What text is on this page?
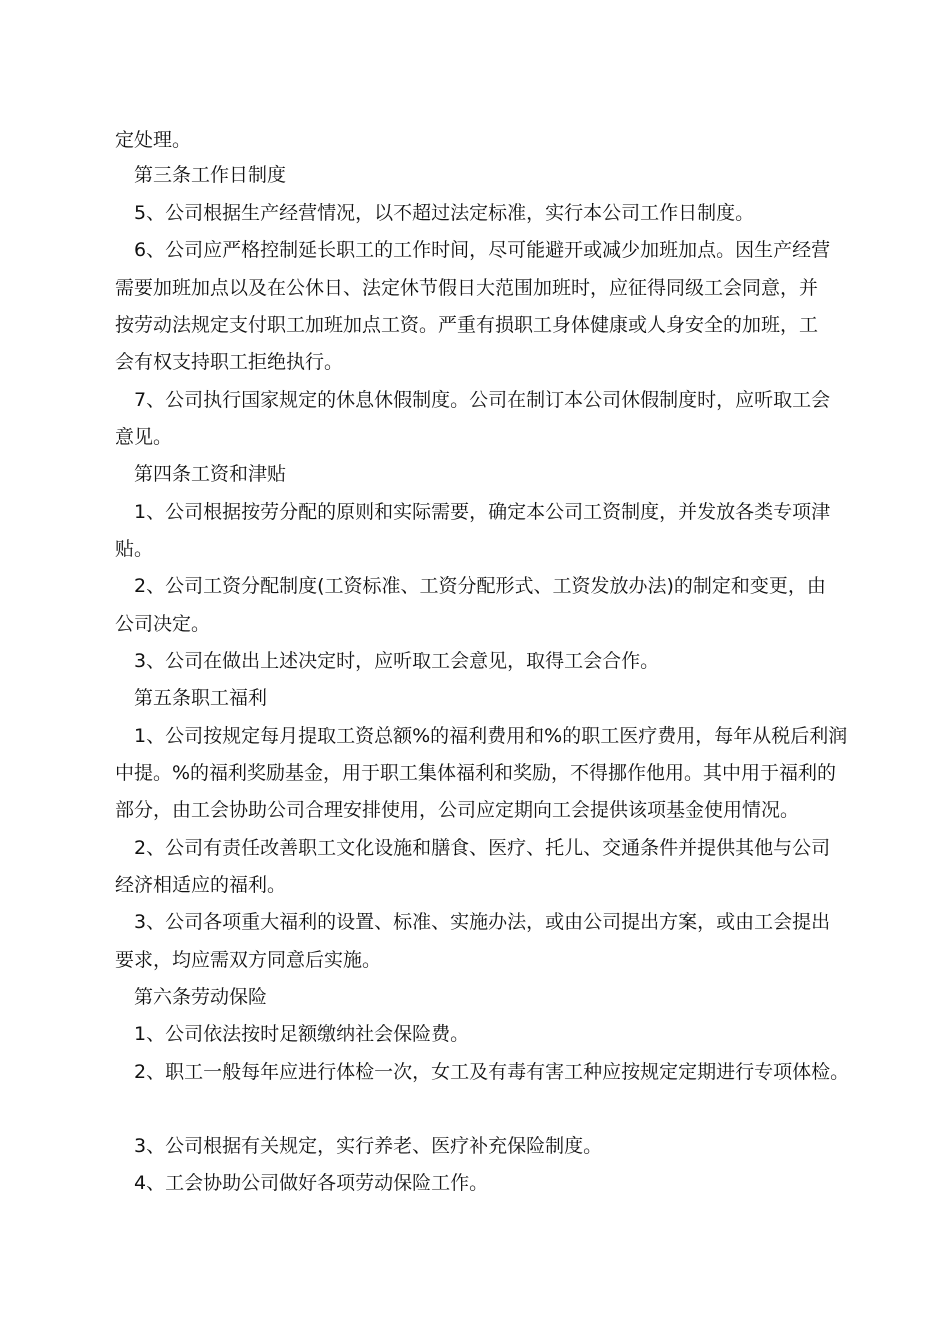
定处理。
第三条工作日制度
5、公司根据生产经营情况，以不超过法定标准，实行本公司工作日制度。
6、公司应严格控制延长职工的工作时间，尽可能避开或减少加班加点。因生产经营
需要加班加点以及在公休日、法定休节假日大范围加班时，应征得同级工会同意，并
按劳动法规定支付职工加班加点工资。严重有损职工身体健康或人身安全的加班，工
会有权支持职工拒绝执行。
7、公司执行国家规定的休息休假制度。公司在制订本公司休假制度时，应听取工会
意见。
第四条工资和津贴
1、公司根据按劳分配的原则和实际需要，确定本公司工资制度，并发放各类专项津
贴。
2、公司工资分配制度(工资标准、工资分配形式、工资发放办法)的制定和变更，由
公司决定。
3、公司在做出上述决定时，应听取工会意见，取得工会合作。
第五条职工福利
1、公司按规定每月提取工资总额%的福利费用和%的职工医疗费用，每年从税后利润
中提。%的福利奖励基金，用于职工集体福利和奖励，不得挪作他用。其中用于福利的
部分，由工会协助公司合理安排使用，公司应定期向工会提供该项基金使用情况。
2、公司有责任改善职工文化设施和膳食、医疗、托儿、交通条件并提供其他与公司
经济相适应的福利。
3、公司各项重大福利的设置、标准、实施办法，或由公司提出方案，或由工会提出
要求，均应需双方同意后实施。
第六条劳动保险
1、公司依法按时足额缴纳社会保险费。
2、职工一般每年应进行体检一次，女工及有毒有害工种应按规定定期进行专项体检。
3、公司根据有关规定，实行养老、医疗补充保险制度。
4、工会协助公司做好各项劳动保险工作。
